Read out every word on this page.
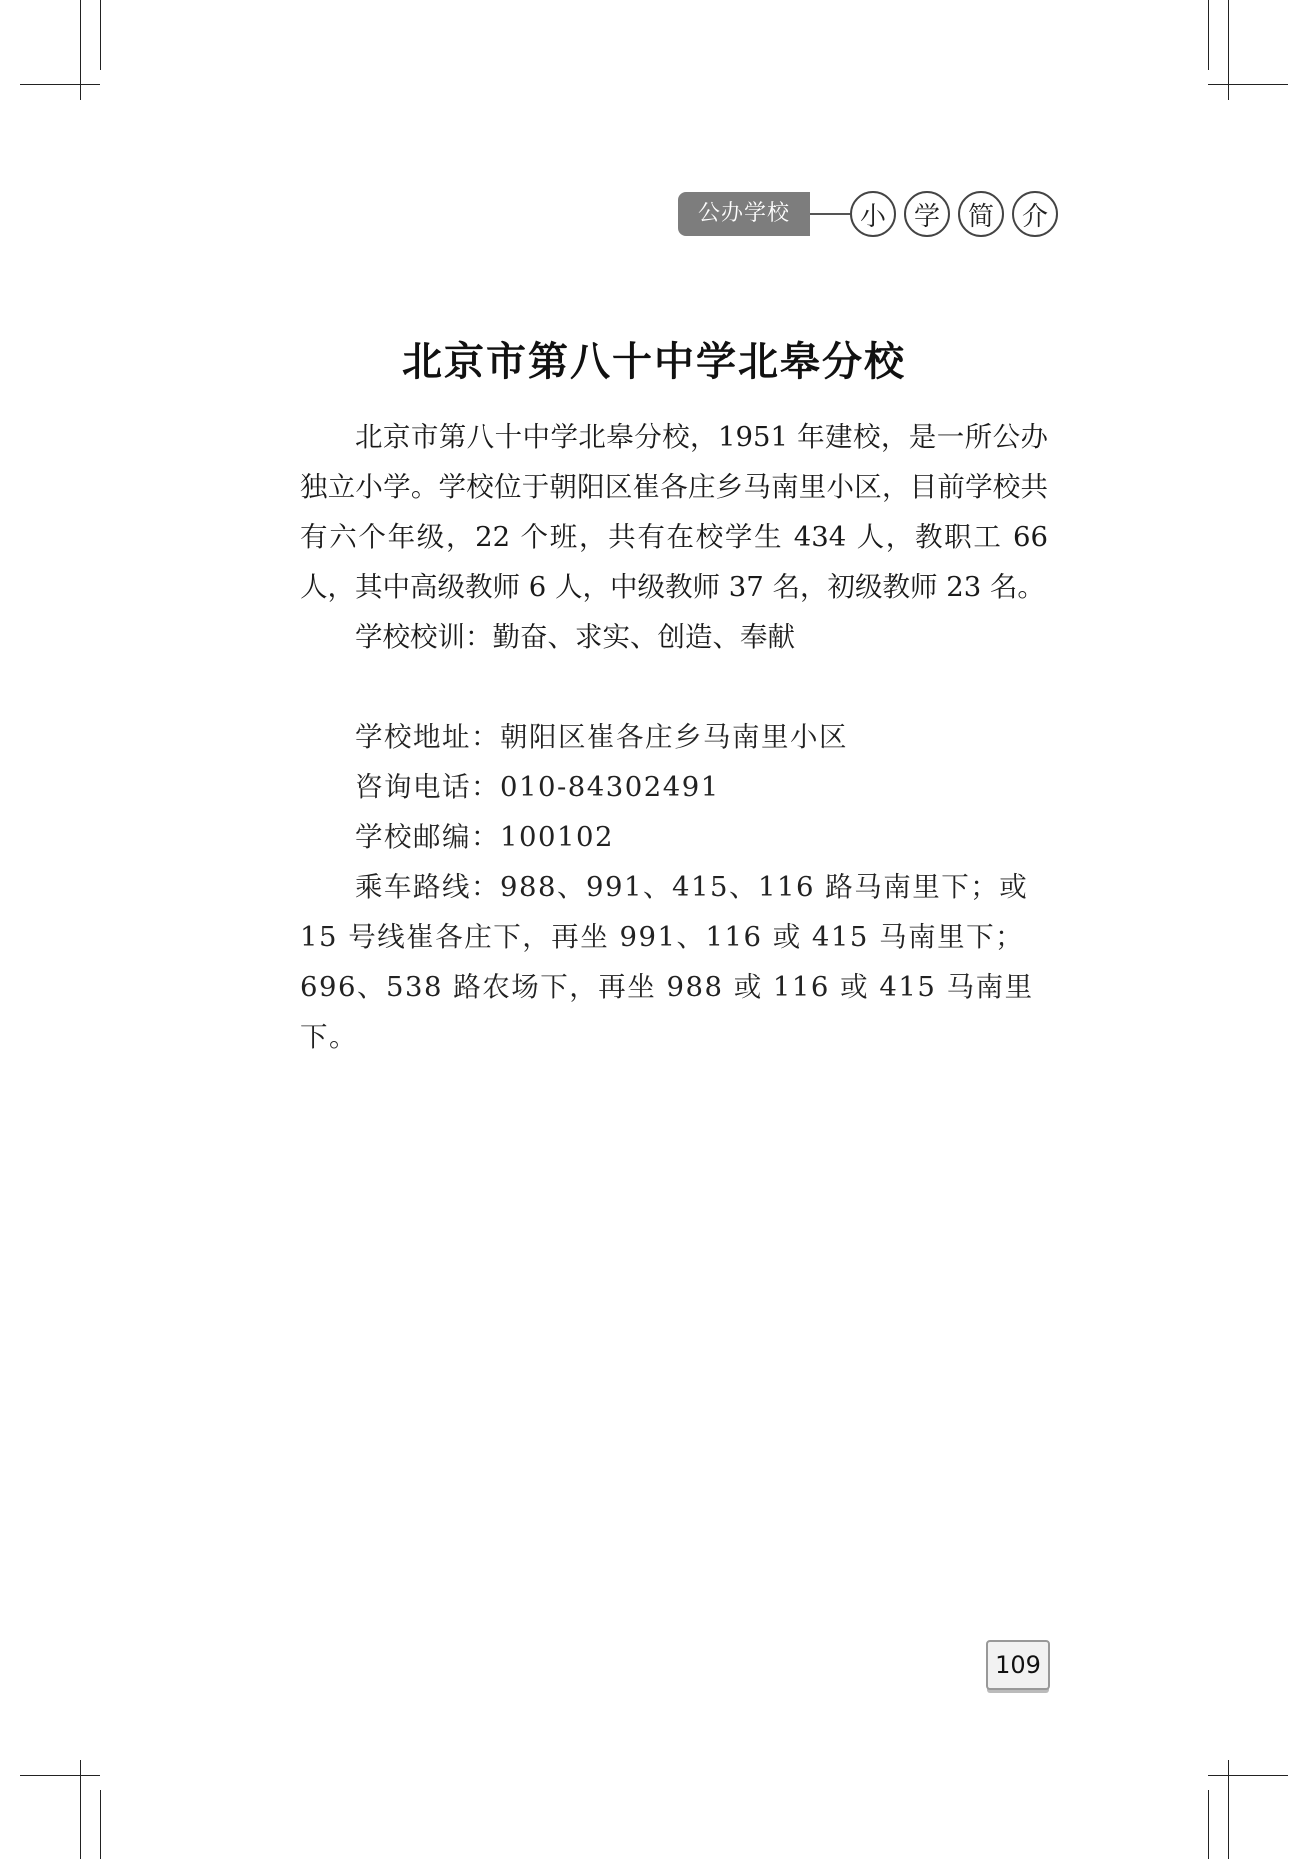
公办学校	小	学	简	介
北京市第八十中学北皋分校

北京市第八十中学北皋分校，1951 年建校，是一所公办独立小学。学校位于朝阳区崔各庄乡马南里小区，目前学校共有六个年级，22 个班，共有在校学生 434 人，教职工 66 人，其中高级教师 6 人，中级教师 37 名，初级教师 23 名。

学校校训：勤奋、求实、创造、奉献

学校地址：朝阳区崔各庄乡马南里小区

咨询电话：010-84302491

学校邮编：100102

乘车路线：988、991、415、116 路马南里下；或 15 号线崔各庄下，再坐 991、116 或 415 马南里下；696、538 路农场下，再坐 988 或 116 或 415 马南里下。

109
